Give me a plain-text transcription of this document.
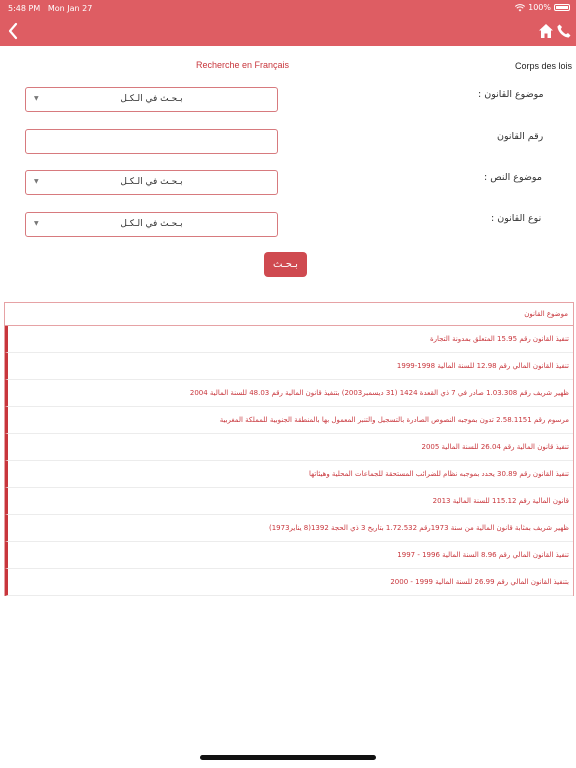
5:48 PM Mon Jan 27	100%
Recherche en Français	Corps des lois
موضوع القانون :
▼	بـحـث في الـكـل
رقم القانون
موضوع النص :
▼	بـحـث في الـكـل
نوع القانون :
▼	بـحـث في الـكـل
بـحـث
موضوع القانون
تنفيذ القانون رقم 15.95 المتعلق بمدونة التجارة
تنفيذ القانون المالي رقم 12.98 للسنة المالية 1998-1999
ظهير شريف رقم 1.03.308 صادر في 7 ذي القعدة 1424 (31 ديسمبر2003) بتنفيذ قانون المالية رقم 48.03 للسنة المالية 2004
مرسوم رقم 2.58.1151 تدون بموجبه النصوص الصادرة بالتسجيل والتنبر المعمول بها بالمنطقة الجنوبية للمملكة المغربية
تنفيذ قانون المالية رقم 26.04 للسنة المالية 2005
تنفيذ القانون رقم 30.89 يحدد بموجبه نظام للضرائب المستحقة للجماعات المحلية وهيئاتها
قانون المالية رقم 115.12 للسنة المالية 2013
ظهير شريف بمثابة قانون المالية من سنة 1973رقم 1.72.532 بتاريخ 3 ذي الحجة 1392(8 يناير1973)
تنفيذ القانون المالي رقم 8.96 السنة المالية 1996 - 1997
بتنفيذ القانون المالي رقم 26.99 للسنة المالية 1999 - 2000
